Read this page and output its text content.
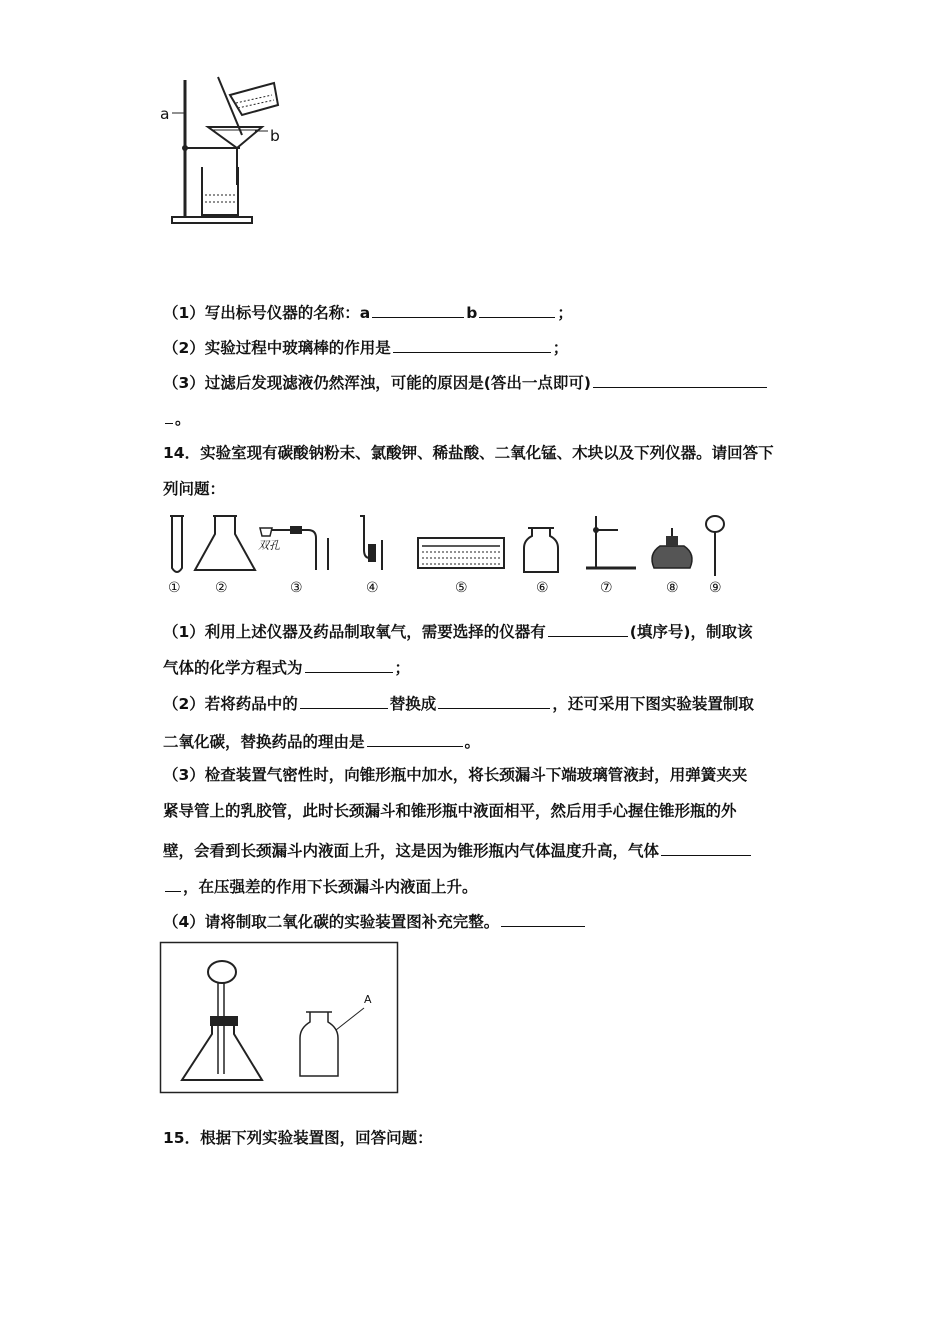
a
b
（1）写出标号仪器的名称：a	b	；
（2）实验过程中玻璃棒的作用是	；
（3）过滤后发现滤液仍然浑浊，可能的原因是(答出一点即可)
。
14．实验室现有碳酸钠粉末、氯酸钾、稀盐酸、二氧化锰、木块以及下列仪器。请回答下
列问题：
双孔
① ②	③	④	⑤	⑥	⑦	⑧ ⑨
（1）利用上述仪器及药品制取氧气，需要选择的仪器有	(填序号)，制取该
气体的化学方程式为	；
（2）若将药品中的	替换成	，还可采用下图实验装置制取
二氧化碳，替换药品的理由是	。
（3）检查装置气密性时，向锥形瓶中加水，将长颈漏斗下端玻璃管液封，用弹簧夹夹
紧导管上的乳胶管，此时长颈漏斗和锥形瓶中液面相平，然后用手心握住锥形瓶的外
壁，会看到长颈漏斗内液面上升，这是因为锥形瓶内气体温度升高，气体
，在压强差的作用下长颈漏斗内液面上升。
（4）请将制取二氧化碳的实验装置图补充完整。
A
15．根据下列实验装置图，回答问题：
